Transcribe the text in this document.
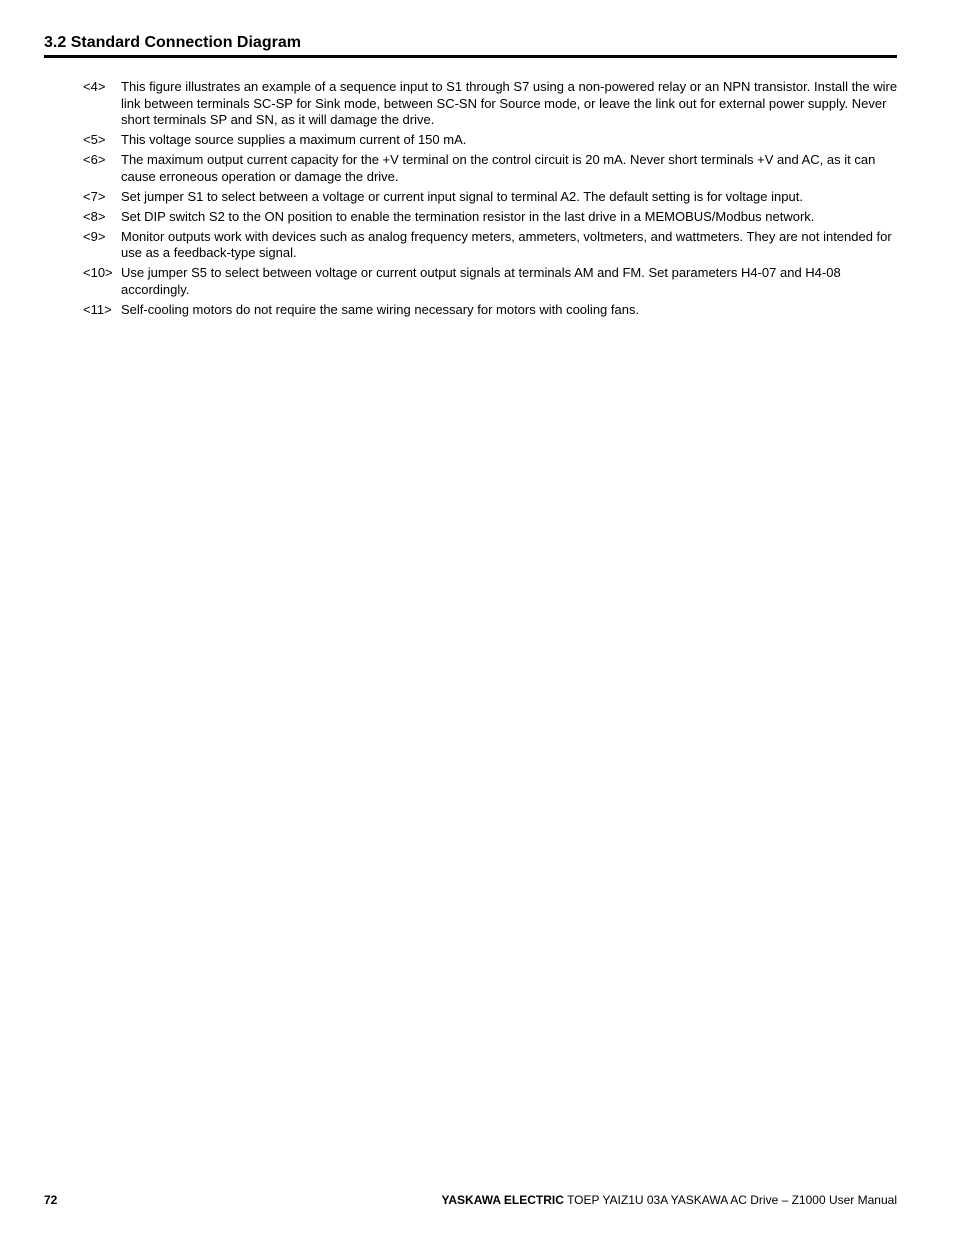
3.2 Standard Connection Diagram
<4> This figure illustrates an example of a sequence input to S1 through S7 using a non-powered relay or an NPN transistor. Install the wire link between terminals SC-SP for Sink mode, between SC-SN for Source mode, or leave the link out for external power supply. Never short terminals SP and SN, as it will damage the drive.
<5> This voltage source supplies a maximum current of 150 mA.
<6> The maximum output current capacity for the +V terminal on the control circuit is 20 mA. Never short terminals +V and AC, as it can cause erroneous operation or damage the drive.
<7> Set jumper S1 to select between a voltage or current input signal to terminal A2. The default setting is for voltage input.
<8> Set DIP switch S2 to the ON position to enable the termination resistor in the last drive in a MEMOBUS/Modbus network.
<9> Monitor outputs work with devices such as analog frequency meters, ammeters, voltmeters, and wattmeters. They are not intended for use as a feedback-type signal.
<10> Use jumper S5 to select between voltage or current output signals at terminals AM and FM. Set parameters H4-07 and H4-08 accordingly.
<11> Self-cooling motors do not require the same wiring necessary for motors with cooling fans.
72	YASKAWA ELECTRIC TOEP YAIZ1U 03A YASKAWA AC Drive – Z1000 User Manual
